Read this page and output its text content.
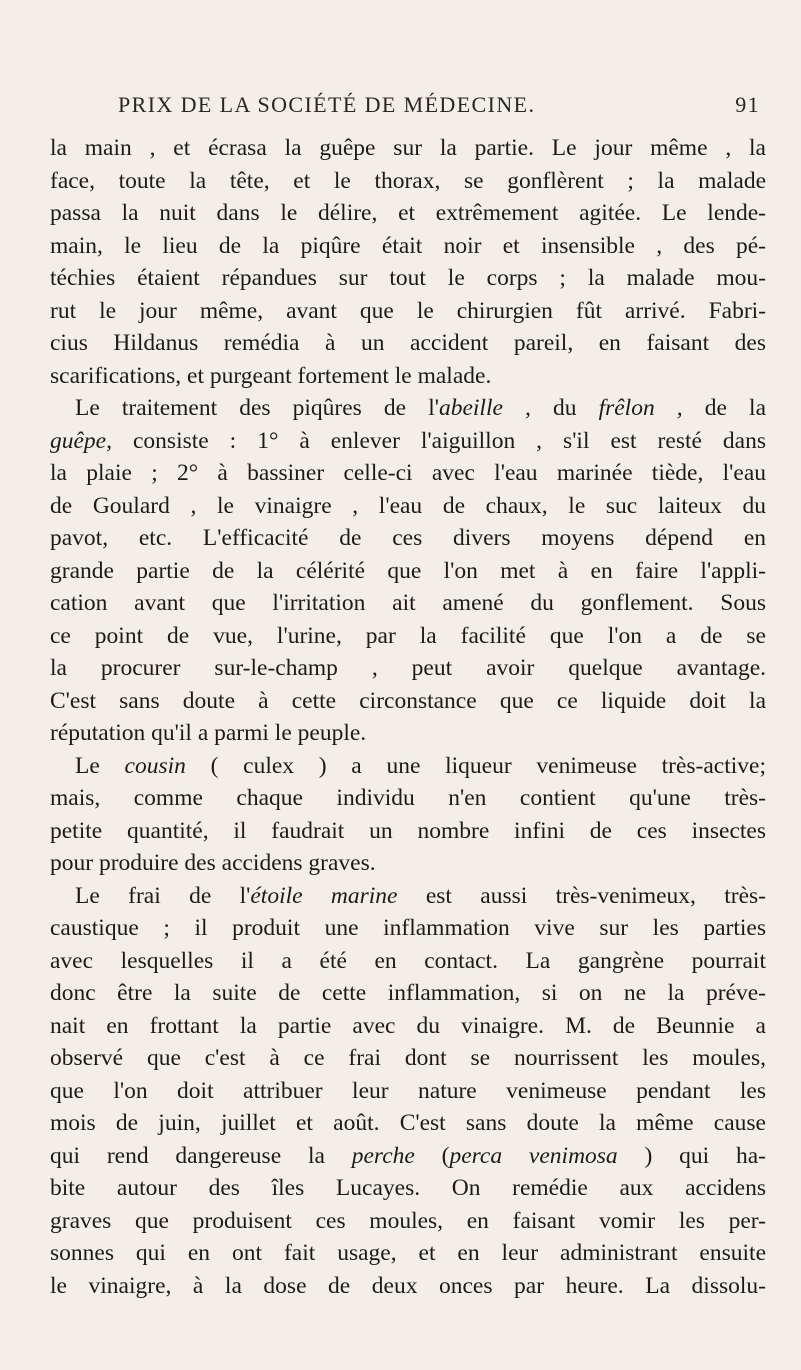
PRIX DE LA SOCIÉTÉ DE MÉDECINE.	91
la main , et écrasa la guêpe sur la partie. Le jour même , la
face, toute la tête, et le thorax, se gonflèrent ; la malade
passa la nuit dans le délire, et extrêmement agitée. Le lende-
main, le lieu de la piqûre était noir et insensible , des pé-
téchies étaient répandues sur tout le corps ; la malade mou-
rut le jour même, avant que le chirurgien fût arrivé. Fabri-
cius Hildanus remédia à un accident pareil, en faisant des
scarifications, et purgeant fortement le malade.
Le traitement des piqûres de l'abeille , du frêlon , de la
guêpe, consiste : 1° à enlever l'aiguillon , s'il est resté dans
la plaie ; 2° à bassiner celle-ci avec l'eau marinée tiède, l'eau
de Goulard , le vinaigre , l'eau de chaux, le suc laiteux du
pavot, etc. L'efficacité de ces divers moyens dépend en
grande partie de la célérité que l'on met à en faire l'appli-
cation avant que l'irritation ait amené du gonflement. Sous
ce point de vue, l'urine, par la facilité que l'on a de se
la procurer sur-le-champ , peut avoir quelque avantage.
C'est sans doute à cette circonstance que ce liquide doit la
réputation qu'il a parmi le peuple.
Le cousin ( culex ) a une liqueur venimeuse très-active;
mais, comme chaque individu n'en contient qu'une très-
petite quantité, il faudrait un nombre infini de ces insectes
pour produire des accidens graves.
Le frai de l'étoile marine est aussi très-venimeux, très-
caustique ; il produit une inflammation vive sur les parties
avec lesquelles il a été en contact. La gangrène pourrait
donc être la suite de cette inflammation, si on ne la préve-
nait en frottant la partie avec du vinaigre. M. de Beunnie a
observé que c'est à ce frai dont se nourrissent les moules,
que l'on doit attribuer leur nature venimeuse pendant les
mois de juin, juillet et août. C'est sans doute la même cause
qui rend dangereuse la perche (perca venimosa ) qui ha-
bite autour des îles Lucayes. On remédie aux accidens
graves que produisent ces moules, en faisant vomir les per-
sonnes qui en ont fait usage, et en leur administrant ensuite
le vinaigre, à la dose de deux onces par heure. La dissolu-
